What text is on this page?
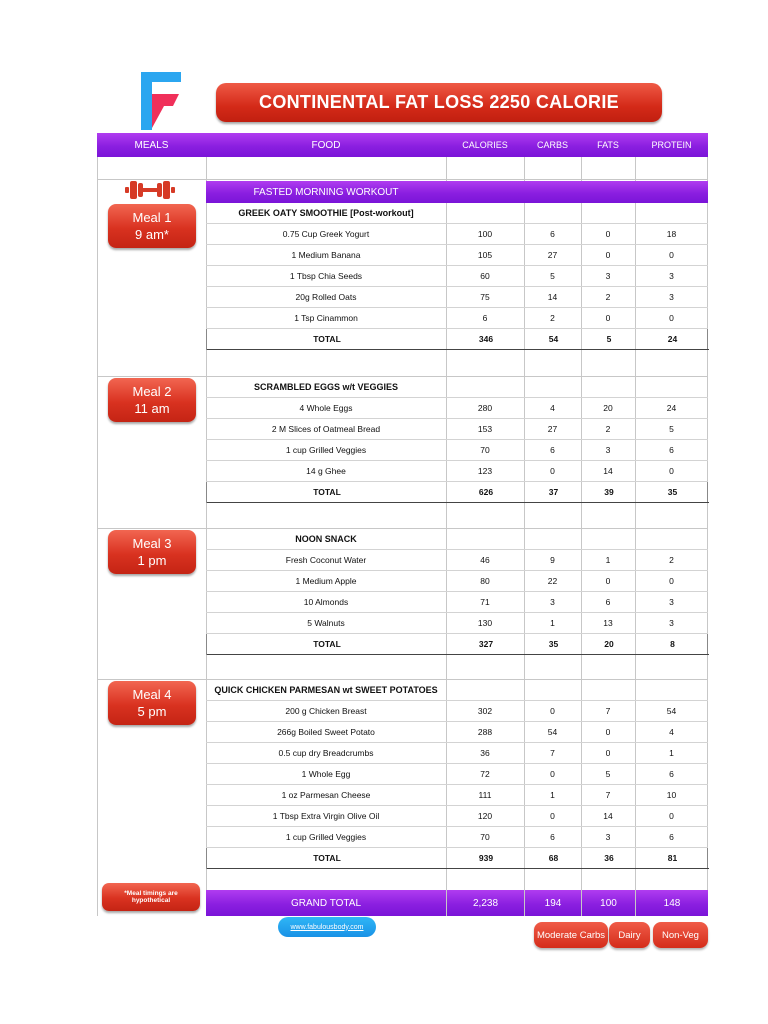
CONTINENTAL FAT LOSS 2250 CALORIE
MEALS	FOOD	CALORIES	CARBS	FATS	PROTEIN
FASTED MORNING WORKOUT
Meal 1
9 am*
GREEK OATY SMOOTHIE [Post-workout]
0.75 Cup Greek Yogurt	100	6	0	18
1 Medium Banana	105	27	0	0
1 Tbsp Chia Seeds	60	5	3	3
20g Rolled Oats	75	14	2	3
1 Tsp Cinammon	6	2	0	0
TOTAL	346	54	5	24
Meal 2
11 am
SCRAMBLED EGGS w/t VEGGIES
4 Whole Eggs	280	4	20	24
2 M Slices of Oatmeal Bread	153	27	2	5
1 cup Grilled Veggies	70	6	3	6
14 g Ghee	123	0	14	0
TOTAL	626	37	39	35
Meal 3
1 pm
NOON SNACK
Fresh Coconut Water	46	9	1	2
1 Medium Apple	80	22	0	0
10 Almonds	71	3	6	3
5 Walnuts	130	1	13	3
TOTAL	327	35	20	8
Meal 4
5 pm
QUICK CHICKEN PARMESAN wt SWEET POTATOES
200 g Chicken Breast	302	0	7	54
266g Boiled Sweet Potato	288	54	0	4
0.5 cup dry Breadcrumbs	36	7	0	1
1 Whole Egg	72	0	5	6
1 oz Parmesan Cheese	111	1	7	10
1 Tbsp Extra Virgin Olive Oil	120	0	14	0
1 cup Grilled Veggies	70	6	3	6
TOTAL	939	68	36	81
*Meal timings are hypothetical	GRAND TOTAL	2,238	194	100	148
www.fabulousbody.com
Moderate Carbs	Dairy	Non-Veg
